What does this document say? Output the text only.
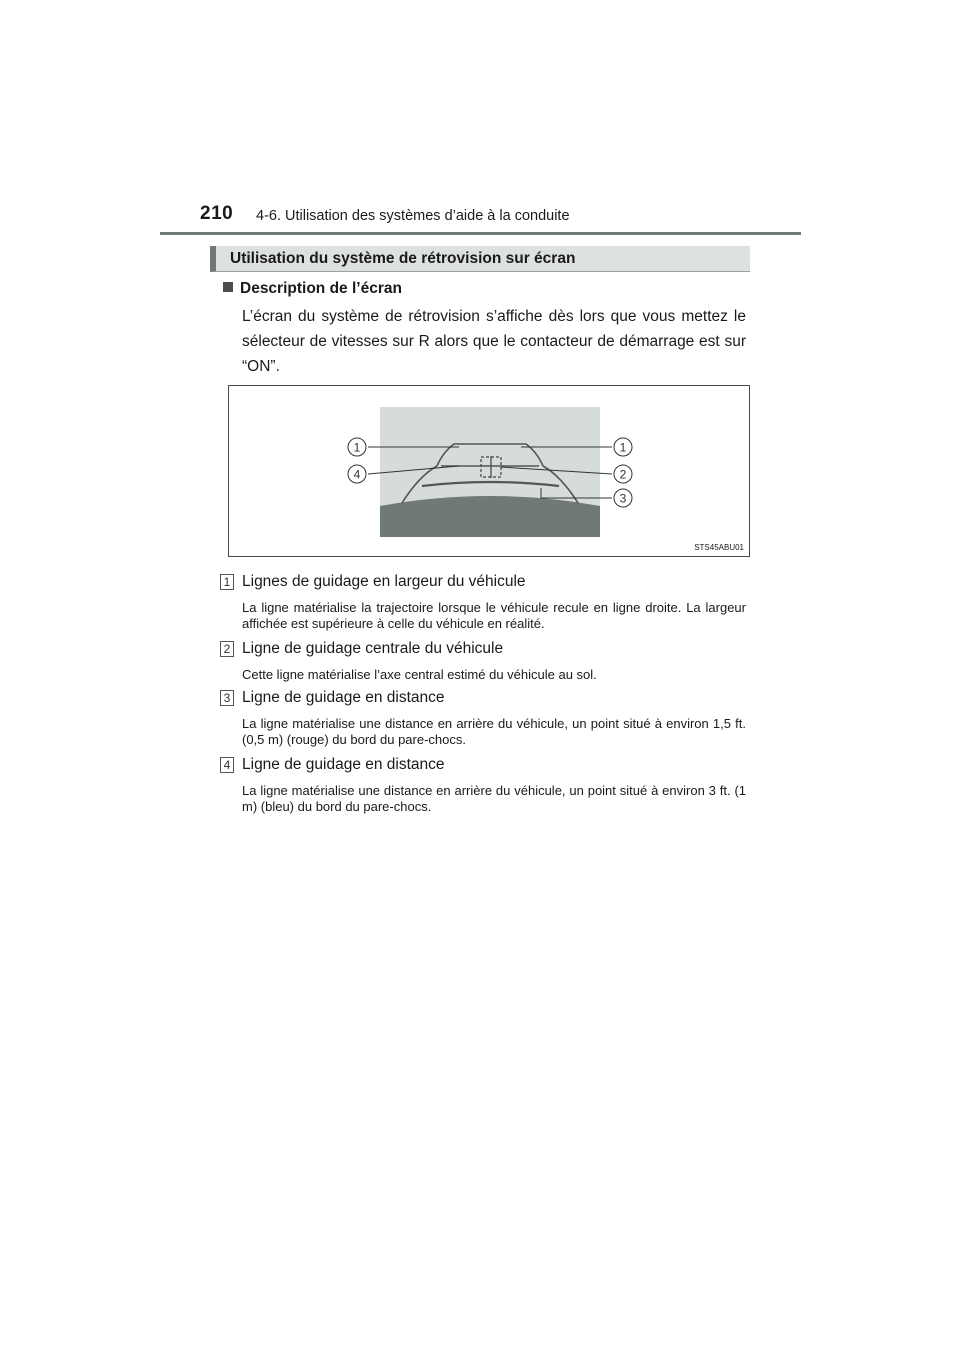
210 4-6. Utilisation des systèmes d’aide à la conduite
Utilisation du système de rétrovision sur écran
Description de l’écran
L’écran du système de rétrovision s’affiche dès lors que vous mettez le sélecteur de vitesses sur R alors que le contacteur de démarrage est sur “ON”.
1	1
4	2
3
STS45ABU01
1 Lignes de guidage en largeur du véhicule
La ligne matérialise la trajectoire lorsque le véhicule recule en ligne droite. La largeur affichée est supérieure à celle du véhicule en réalité.
2 Ligne de guidage centrale du véhicule
Cette ligne matérialise l’axe central estimé du véhicule au sol.
3 Ligne de guidage en distance
La ligne matérialise une distance en arrière du véhicule, un point situé à environ 1,5 ft. (0,5 m) (rouge) du bord du pare-chocs.
4 Ligne de guidage en distance
La ligne matérialise une distance en arrière du véhicule, un point situé à environ 3 ft. (1 m) (bleu) du bord du pare-chocs.
